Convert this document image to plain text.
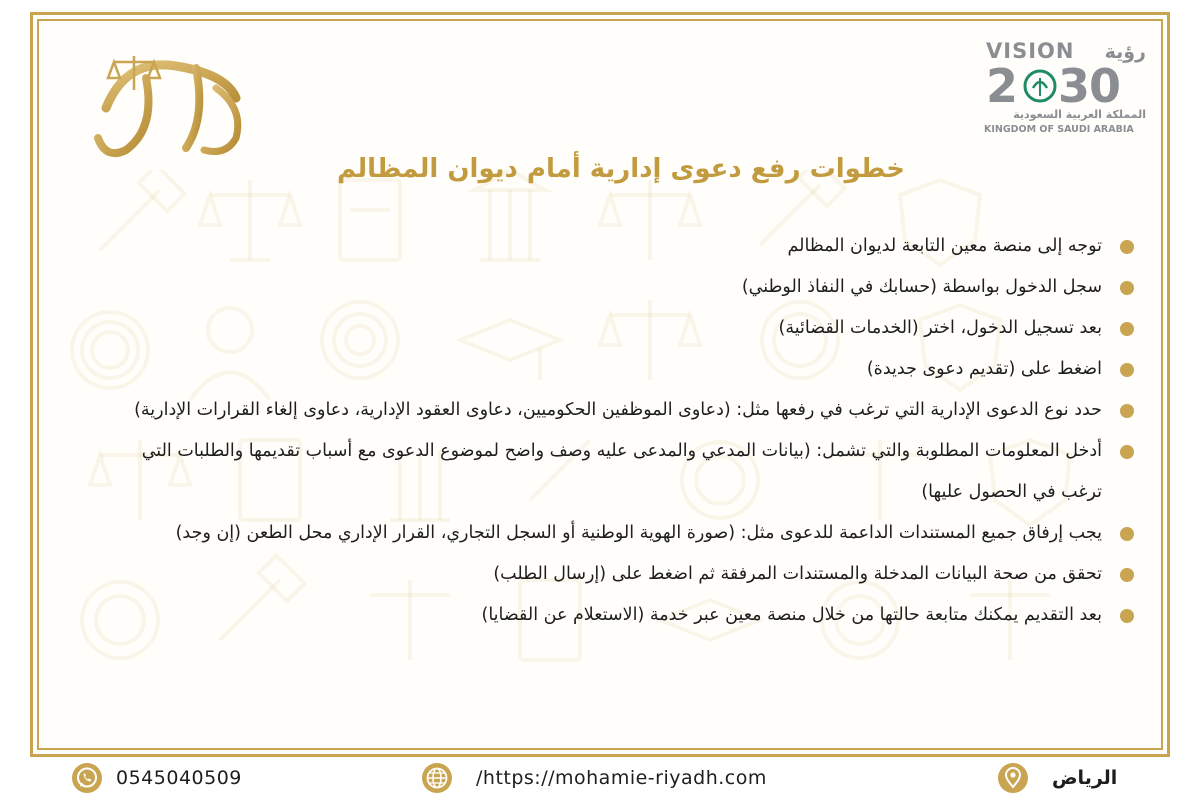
VISION رؤية
2 30
المملكة العربية السعودية
KINGDOM OF SAUDI ARABIA
خطوات رفع دعوى إدارية أمام ديوان المظالم
توجه إلى منصة معين التابعة لديوان المظالم
سجل الدخول بواسطة (حسابك في النفاذ الوطني)
بعد تسجيل الدخول، اختر (الخدمات القضائية)
اضغط على (تقديم دعوى جديدة)
حدد نوع الدعوى الإدارية التي ترغب في رفعها مثل: (دعاوى الموظفين الحكوميين، دعاوى العقود الإدارية، دعاوى إلغاء القرارات الإدارية)
أدخل المعلومات المطلوبة والتي تشمل: (بيانات المدعي والمدعى عليه وصف واضح لموضوع الدعوى مع أسباب تقديمها والطلبات التي ترغب في الحصول عليها)
يجب إرفاق جميع المستندات الداعمة للدعوى مثل: (صورة الهوية الوطنية أو السجل التجاري، القرار الإداري محل الطعن (إن وجد)
تحقق من صحة البيانات المدخلة والمستندات المرفقة ثم اضغط على (إرسال الطلب)
بعد التقديم يمكنك متابعة حالتها من خلال منصة معين عبر خدمة (الاستعلام عن القضايا)
0545040509	/https://mohamie-riyadh.com	الرياض
